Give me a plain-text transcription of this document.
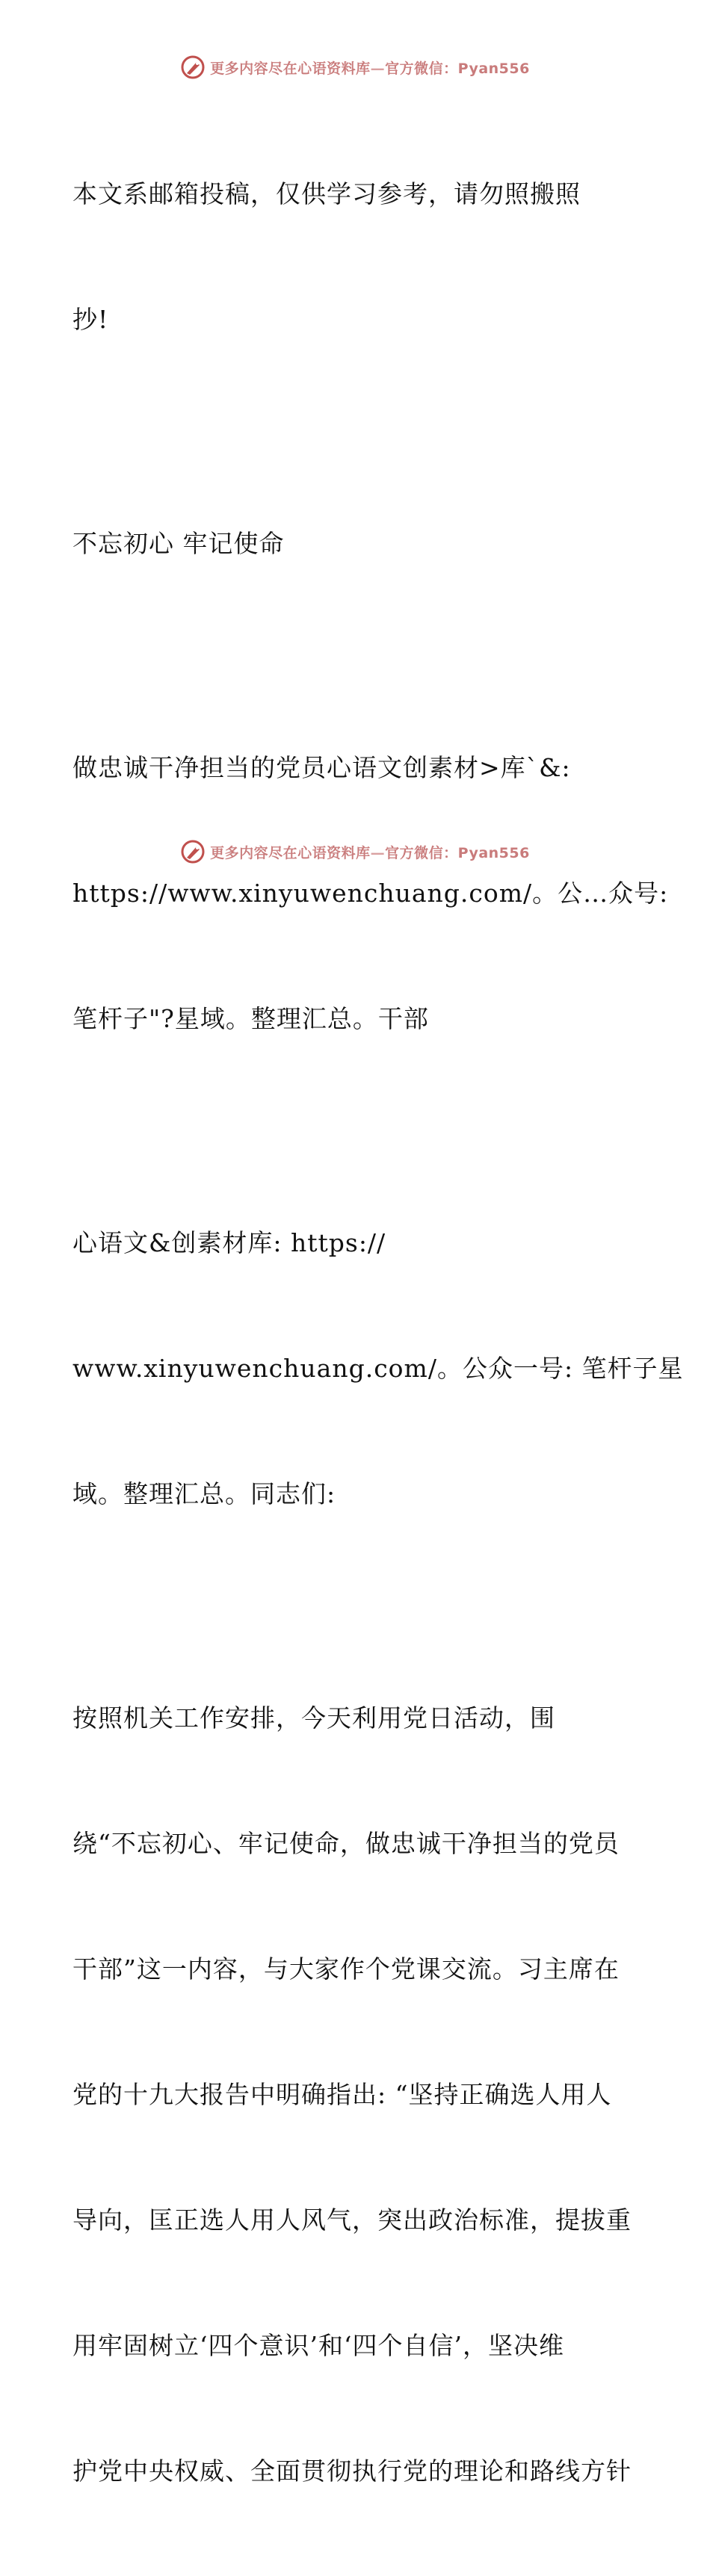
更多内容尽在心语资料库—官方微信：Pyan556

本文系邮箱投稿，仅供学习参考，请勿照搬照

抄!

不忘初心 牢记使命

做忠诚干净担当的党员心语文创素材>库`&:

https://www.xinyuwenchuang.com/。公…众号:

笔杆子"?星域。整理汇总。干部

心语文&创素材库: https://

www.xinyuwenchuang.com/。公众一号: 笔杆子星

域。整理汇总。同志们:

按照机关工作安排，今天利用党日活动，围

绕“不忘初心、牢记使命，做忠诚干净担当的党员

干部”这一内容，与大家作个党课交流。习主席在

党的十九大报告中明确指出: “坚持正确选人用人

导向，匡正选人用人风气，突出政治标准，提拔重

用牢固树立‘四个意识’和‘四个自信’，坚决维

护党中央权威、全面贯彻执行党的理论和路线方针

更多内容尽在心语资料库—官方微信：Pyan556
